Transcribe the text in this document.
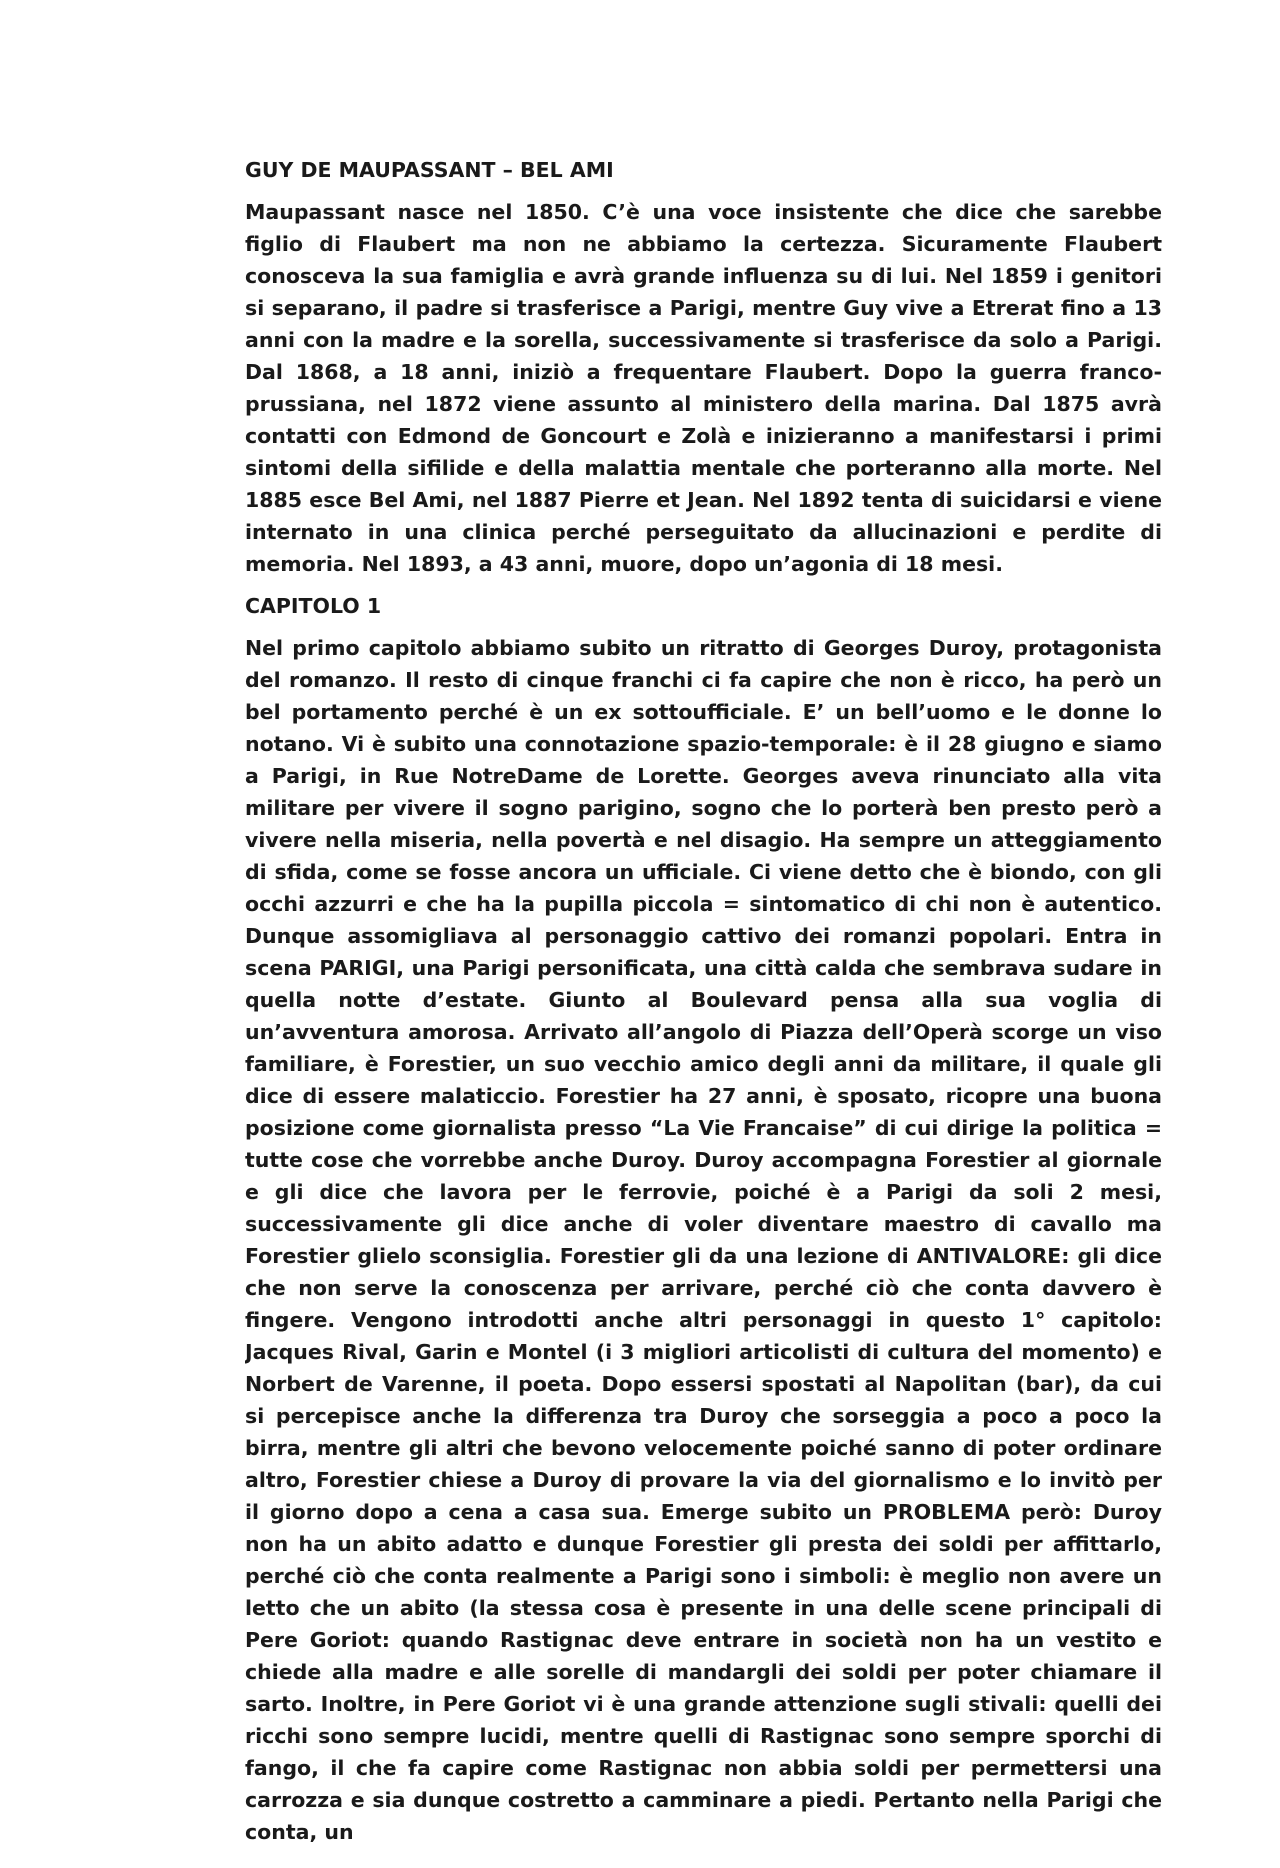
GUY DE MAUPASSANT – BEL AMI

Maupassant nasce nel 1850. C’è una voce insistente che dice che sarebbe figlio di Flaubert ma non ne abbiamo la certezza. Sicuramente Flaubert conosceva la sua famiglia e avrà grande influenza su di lui. Nel 1859 i genitori si separano, il padre si trasferisce a Parigi, mentre Guy vive a Etrerat fino a 13 anni con la madre e la sorella, successivamente si trasferisce da solo a Parigi. Dal 1868, a 18 anni, iniziò a frequentare Flaubert. Dopo la guerra franco-prussiana, nel 1872 viene assunto al ministero della marina. Dal 1875 avrà contatti con Edmond de Goncourt e Zolà e inizieranno a manifestarsi i primi sintomi della sifilide e della malattia mentale che porteranno alla morte. Nel 1885 esce Bel Ami, nel 1887 Pierre et Jean. Nel 1892 tenta di suicidarsi e viene internato in una clinica perché perseguitato da allucinazioni e perdite di memoria. Nel 1893, a 43 anni, muore, dopo un’agonia di 18 mesi.

CAPITOLO 1

Nel primo capitolo abbiamo subito un ritratto di Georges Duroy, protagonista del romanzo. Il resto di cinque franchi ci fa capire che non è ricco, ha però un bel portamento perché è un ex sottoufficiale. E’ un bell’uomo e le donne lo notano. Vi è subito una connotazione spazio-temporale: è il 28 giugno e siamo a Parigi, in Rue NotreDame de Lorette. Georges aveva rinunciato alla vita militare per vivere il sogno parigino, sogno che lo porterà ben presto però a vivere nella miseria, nella povertà e nel disagio. Ha sempre un atteggiamento di sfida, come se fosse ancora un ufficiale. Ci viene detto che è biondo, con gli occhi azzurri e che ha la pupilla piccola = sintomatico di chi non è autentico. Dunque assomigliava al personaggio cattivo dei romanzi popolari. Entra in scena PARIGI, una Parigi personificata, una città calda che sembrava sudare in quella notte d’estate. Giunto al Boulevard pensa alla sua voglia di un’avventura amorosa. Arrivato all’angolo di Piazza dell’Operà scorge un viso familiare, è Forestier, un suo vecchio amico degli anni da militare, il quale gli dice di essere malaticcio. Forestier ha 27 anni, è sposato, ricopre una buona posizione come giornalista presso “La Vie Francaise” di cui dirige la politica = tutte cose che vorrebbe anche Duroy. Duroy accompagna Forestier al giornale e gli dice che lavora per le ferrovie, poiché è a Parigi da soli 2 mesi, successivamente gli dice anche di voler diventare maestro di cavallo ma Forestier glielo sconsiglia. Forestier gli da una lezione di ANTIVALORE: gli dice che non serve la conoscenza per arrivare, perché ciò che conta davvero è fingere. Vengono introdotti anche altri personaggi in questo 1° capitolo: Jacques Rival, Garin e Montel (i 3 migliori articolisti di cultura del momento) e Norbert de Varenne, il poeta. Dopo essersi spostati al Napolitan (bar), da cui si percepisce anche la differenza tra Duroy che sorseggia a poco a poco la birra, mentre gli altri che bevono velocemente poiché sanno di poter ordinare altro, Forestier chiese a Duroy di provare la via del giornalismo e lo invitò per il giorno dopo a cena a casa sua. Emerge subito un PROBLEMA però: Duroy non ha un abito adatto e dunque Forestier gli presta dei soldi per affittarlo, perché ciò che conta realmente a Parigi sono i simboli: è meglio non avere un letto che un abito (la stessa cosa è presente in una delle scene principali di Pere Goriot: quando Rastignac deve entrare in società non ha un vestito e chiede alla madre e alle sorelle di mandargli dei soldi per poter chiamare il sarto. Inoltre, in Pere Goriot vi è una grande attenzione sugli stivali: quelli dei ricchi sono sempre lucidi, mentre quelli di Rastignac sono sempre sporchi di fango, il che fa capire come Rastignac non abbia soldi per permettersi una carrozza e sia dunque costretto a camminare a piedi. Pertanto nella Parigi che conta, un
